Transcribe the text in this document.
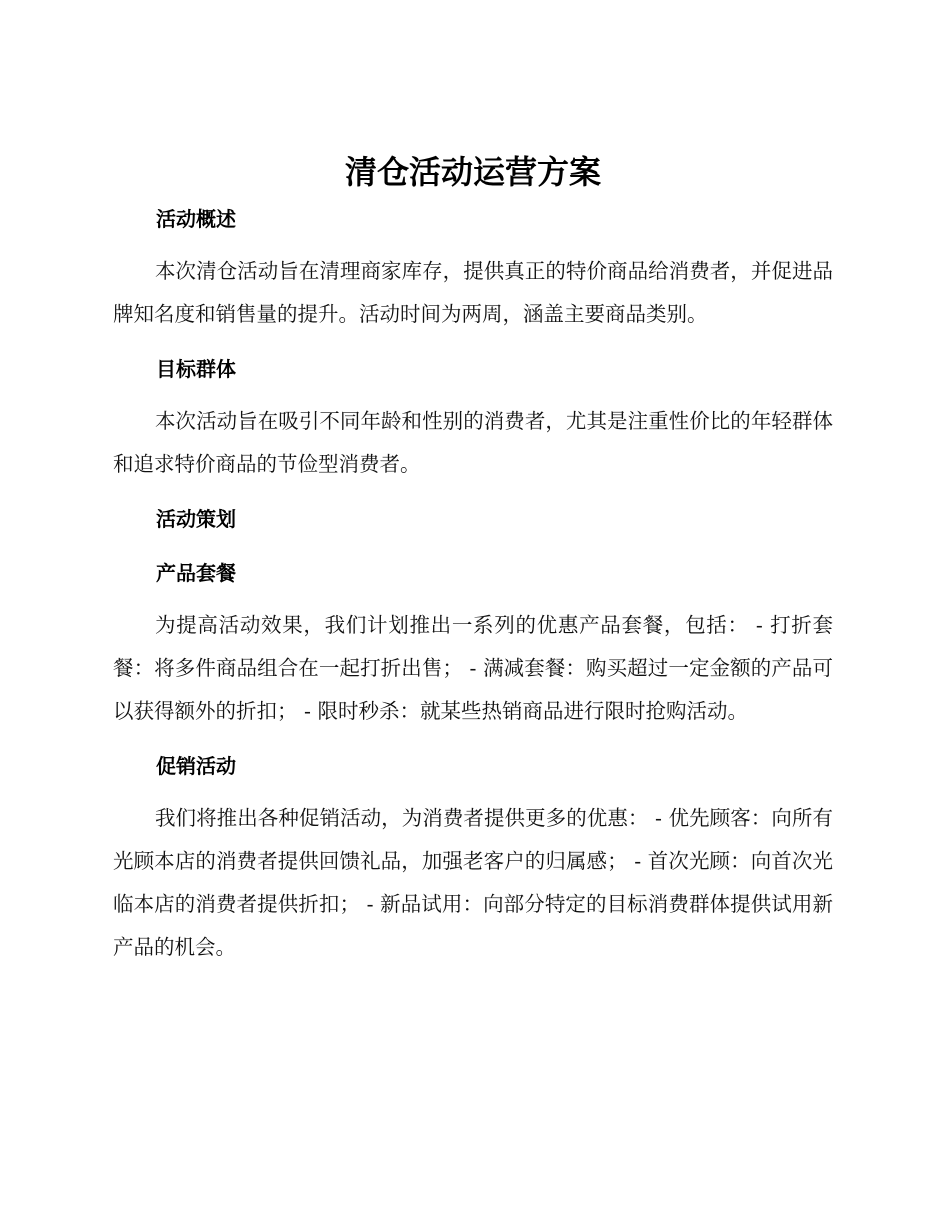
清仓活动运营方案
活动概述

本次清仓活动旨在清理商家库存，提供真正的特价商品给消费者，并促进品牌知名度和销售量的提升。活动时间为两周，涵盖主要商品类别。

目标群体

本次活动旨在吸引不同年龄和性别的消费者，尤其是注重性价比的年轻群体和追求特价商品的节俭型消费者。

活动策划
产品套餐

为提高活动效果，我们计划推出一系列的优惠产品套餐，包括： - 打折套餐：将多件商品组合在一起打折出售； - 满减套餐：购买超过一定金额的产品可以获得额外的折扣； - 限时秒杀：就某些热销商品进行限时抢购活动。

促销活动

我们将推出各种促销活动，为消费者提供更多的优惠： - 优先顾客：向所有光顾本店的消费者提供回馈礼品，加强老客户的归属感； - 首次光顾：向首次光临本店的消费者提供折扣； - 新品试用：向部分特定的目标消费群体提供试用新产品的机会。
